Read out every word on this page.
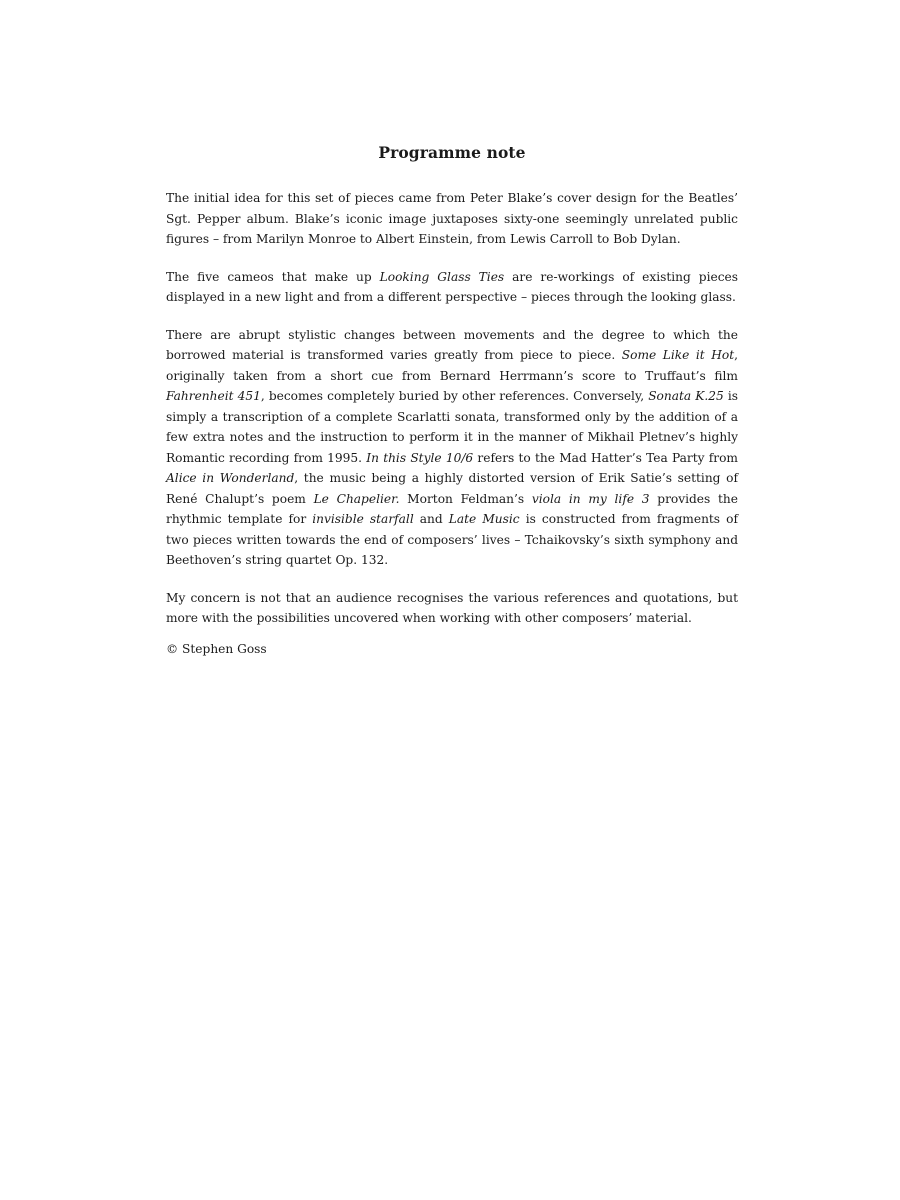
Programme note

The initial idea for this set of pieces came from Peter Blake’s cover design for the Beatles’ Sgt. Pepper album. Blake’s iconic image juxtaposes sixty-one seemingly unrelated public figures – from Marilyn Monroe to Albert Einstein, from Lewis Carroll to Bob Dylan.

The five cameos that make up Looking Glass Ties are re-workings of existing pieces displayed in a new light and from a different perspective – pieces through the looking glass.

There are abrupt stylistic changes between movements and the degree to which the borrowed material is transformed varies greatly from piece to piece. Some Like it Hot, originally taken from a short cue from Bernard Herrmann’s score to Truffaut’s film Fahrenheit 451, becomes completely buried by other references. Conversely, Sonata K.25 is simply a transcription of a complete Scarlatti sonata, transformed only by the addition of a few extra notes and the instruction to perform it in the manner of Mikhail Pletnev’s highly Romantic recording from 1995. In this Style 10/6 refers to the Mad Hatter’s Tea Party from Alice in Wonderland, the music being a highly distorted version of Erik Satie’s setting of René Chalupt’s poem Le Chapelier. Morton Feldman’s viola in my life 3 provides the rhythmic template for invisible starfall and Late Music is constructed from fragments of two pieces written towards the end of composers’ lives – Tchaikovsky’s sixth symphony and Beethoven’s string quartet Op. 132.

My concern is not that an audience recognises the various references and quotations, but more with the possibilities uncovered when working with other composers’ material.

© Stephen Goss
